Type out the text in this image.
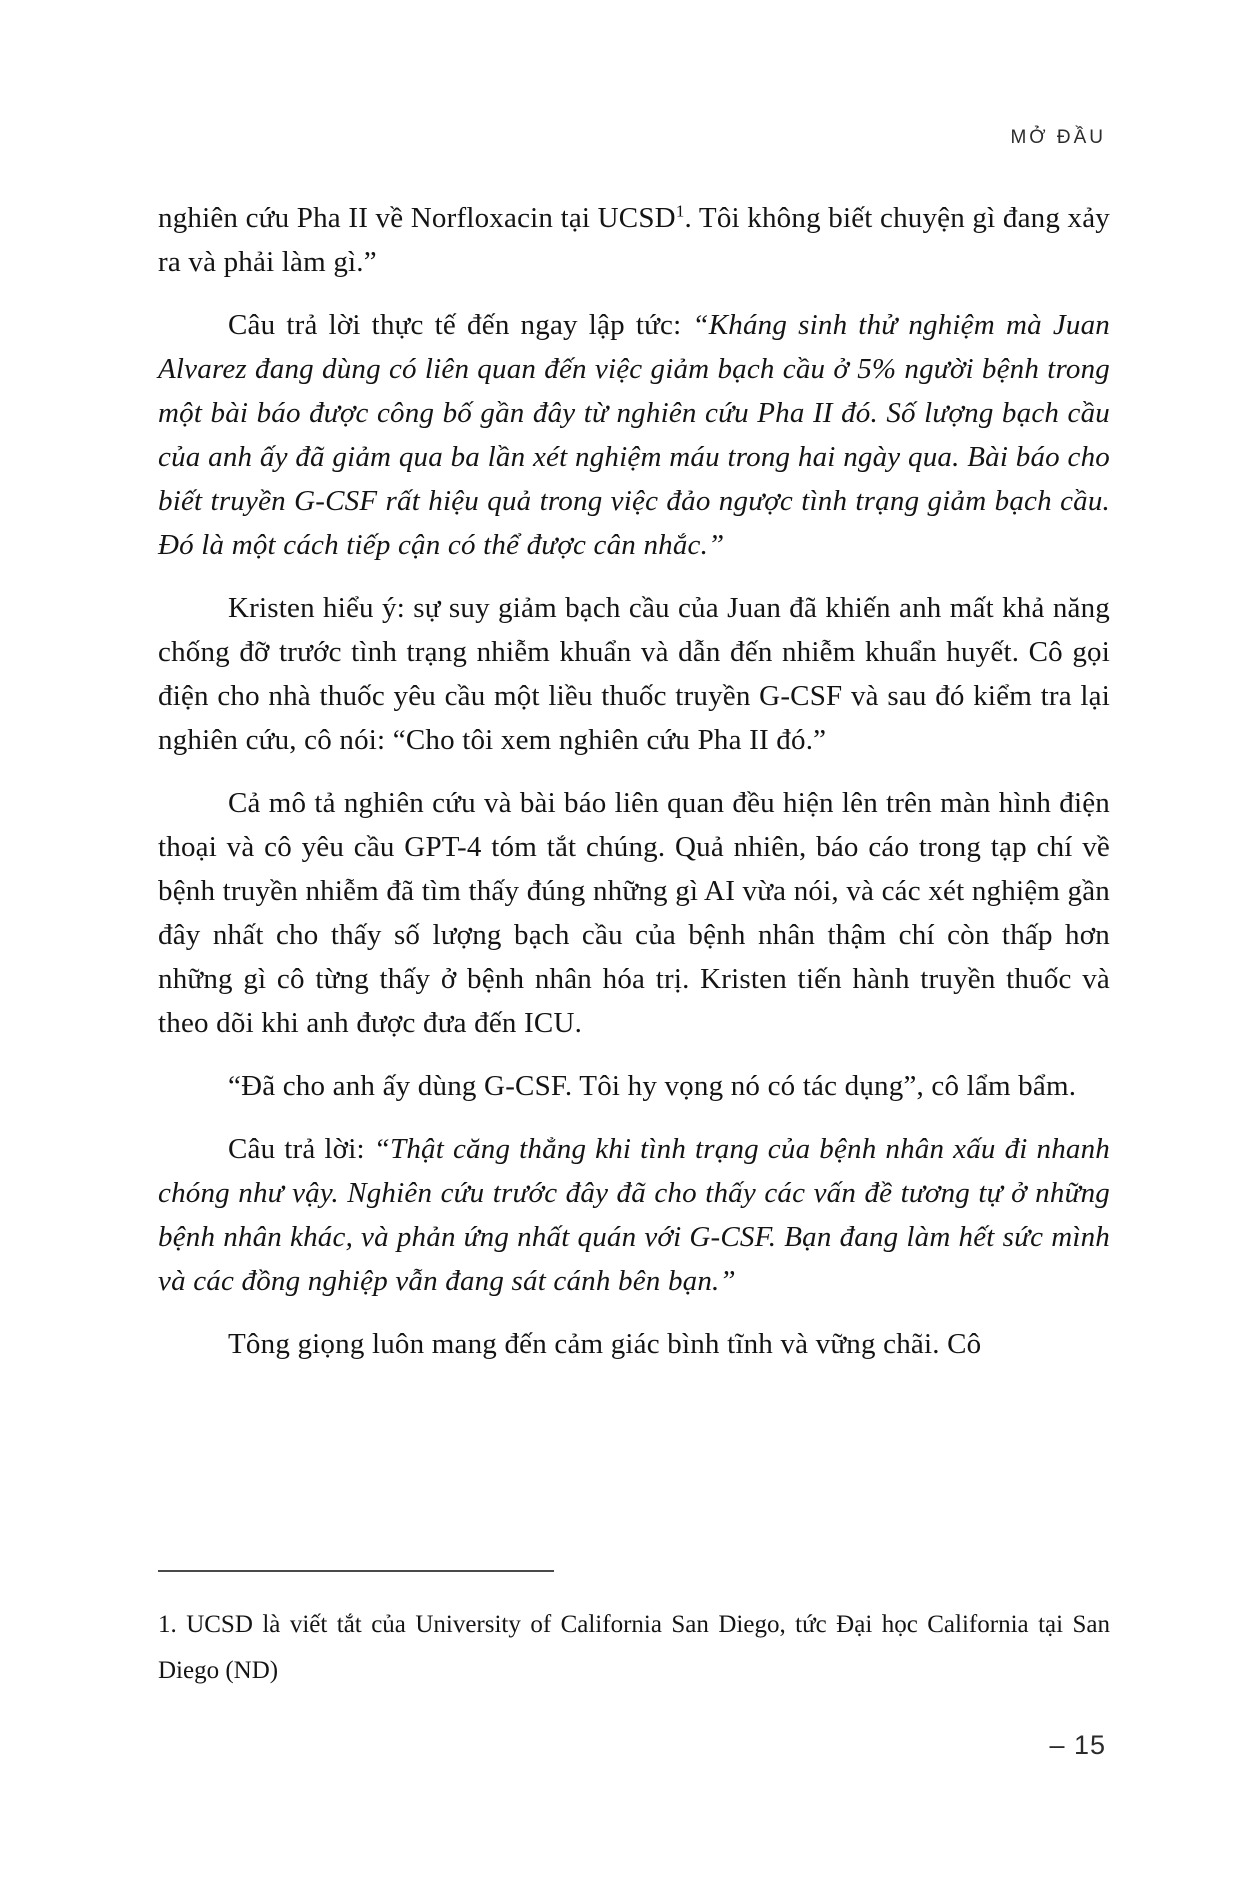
MỞ ĐẦU

nghiên cứu Pha II về Norfloxacin tại UCSD$^1$. Tôi không biết chuyện gì đang xảy ra và phải làm gì.”

Câu trả lời thực tế đến ngay lập tức: “Kháng sinh thử nghiệm mà Juan Alvarez đang dùng có liên quan đến việc giảm bạch cầu ở 5% người bệnh trong một bài báo được công bố gần đây từ nghiên cứu Pha II đó. Số lượng bạch cầu của anh ấy đã giảm qua ba lần xét nghiệm máu trong hai ngày qua. Bài báo cho biết truyền G-CSF rất hiệu quả trong việc đảo ngược tình trạng giảm bạch cầu. Đó là một cách tiếp cận có thể được cân nhắc.”

Kristen hiểu ý: sự suy giảm bạch cầu của Juan đã khiến anh mất khả năng chống đỡ trước tình trạng nhiễm khuẩn và dẫn đến nhiễm khuẩn huyết. Cô gọi điện cho nhà thuốc yêu cầu một liều thuốc truyền G-CSF và sau đó kiểm tra lại nghiên cứu, cô nói: “Cho tôi xem nghiên cứu Pha II đó.”

Cả mô tả nghiên cứu và bài báo liên quan đều hiện lên trên màn hình điện thoại và cô yêu cầu GPT-4 tóm tắt chúng. Quả nhiên, báo cáo trong tạp chí về bệnh truyền nhiễm đã tìm thấy đúng những gì AI vừa nói, và các xét nghiệm gần đây nhất cho thấy số lượng bạch cầu của bệnh nhân thậm chí còn thấp hơn những gì cô từng thấy ở bệnh nhân hóa trị. Kristen tiến hành truyền thuốc và theo dõi khi anh được đưa đến ICU.

“Đã cho anh ấy dùng G-CSF. Tôi hy vọng nó có tác dụng”, cô lẩm bẩm.

Câu trả lời: “Thật căng thẳng khi tình trạng của bệnh nhân xấu đi nhanh chóng như vậy. Nghiên cứu trước đây đã cho thấy các vấn đề tương tự ở những bệnh nhân khác, và phản ứng nhất quán với G-CSF. Bạn đang làm hết sức mình và các đồng nghiệp vẫn đang sát cánh bên bạn.”

Tông giọng luôn mang đến cảm giác bình tĩnh và vững chãi. Cô

1. UCSD là viết tắt của University of California San Diego, tức Đại học California tại San Diego (ND)
– 15
